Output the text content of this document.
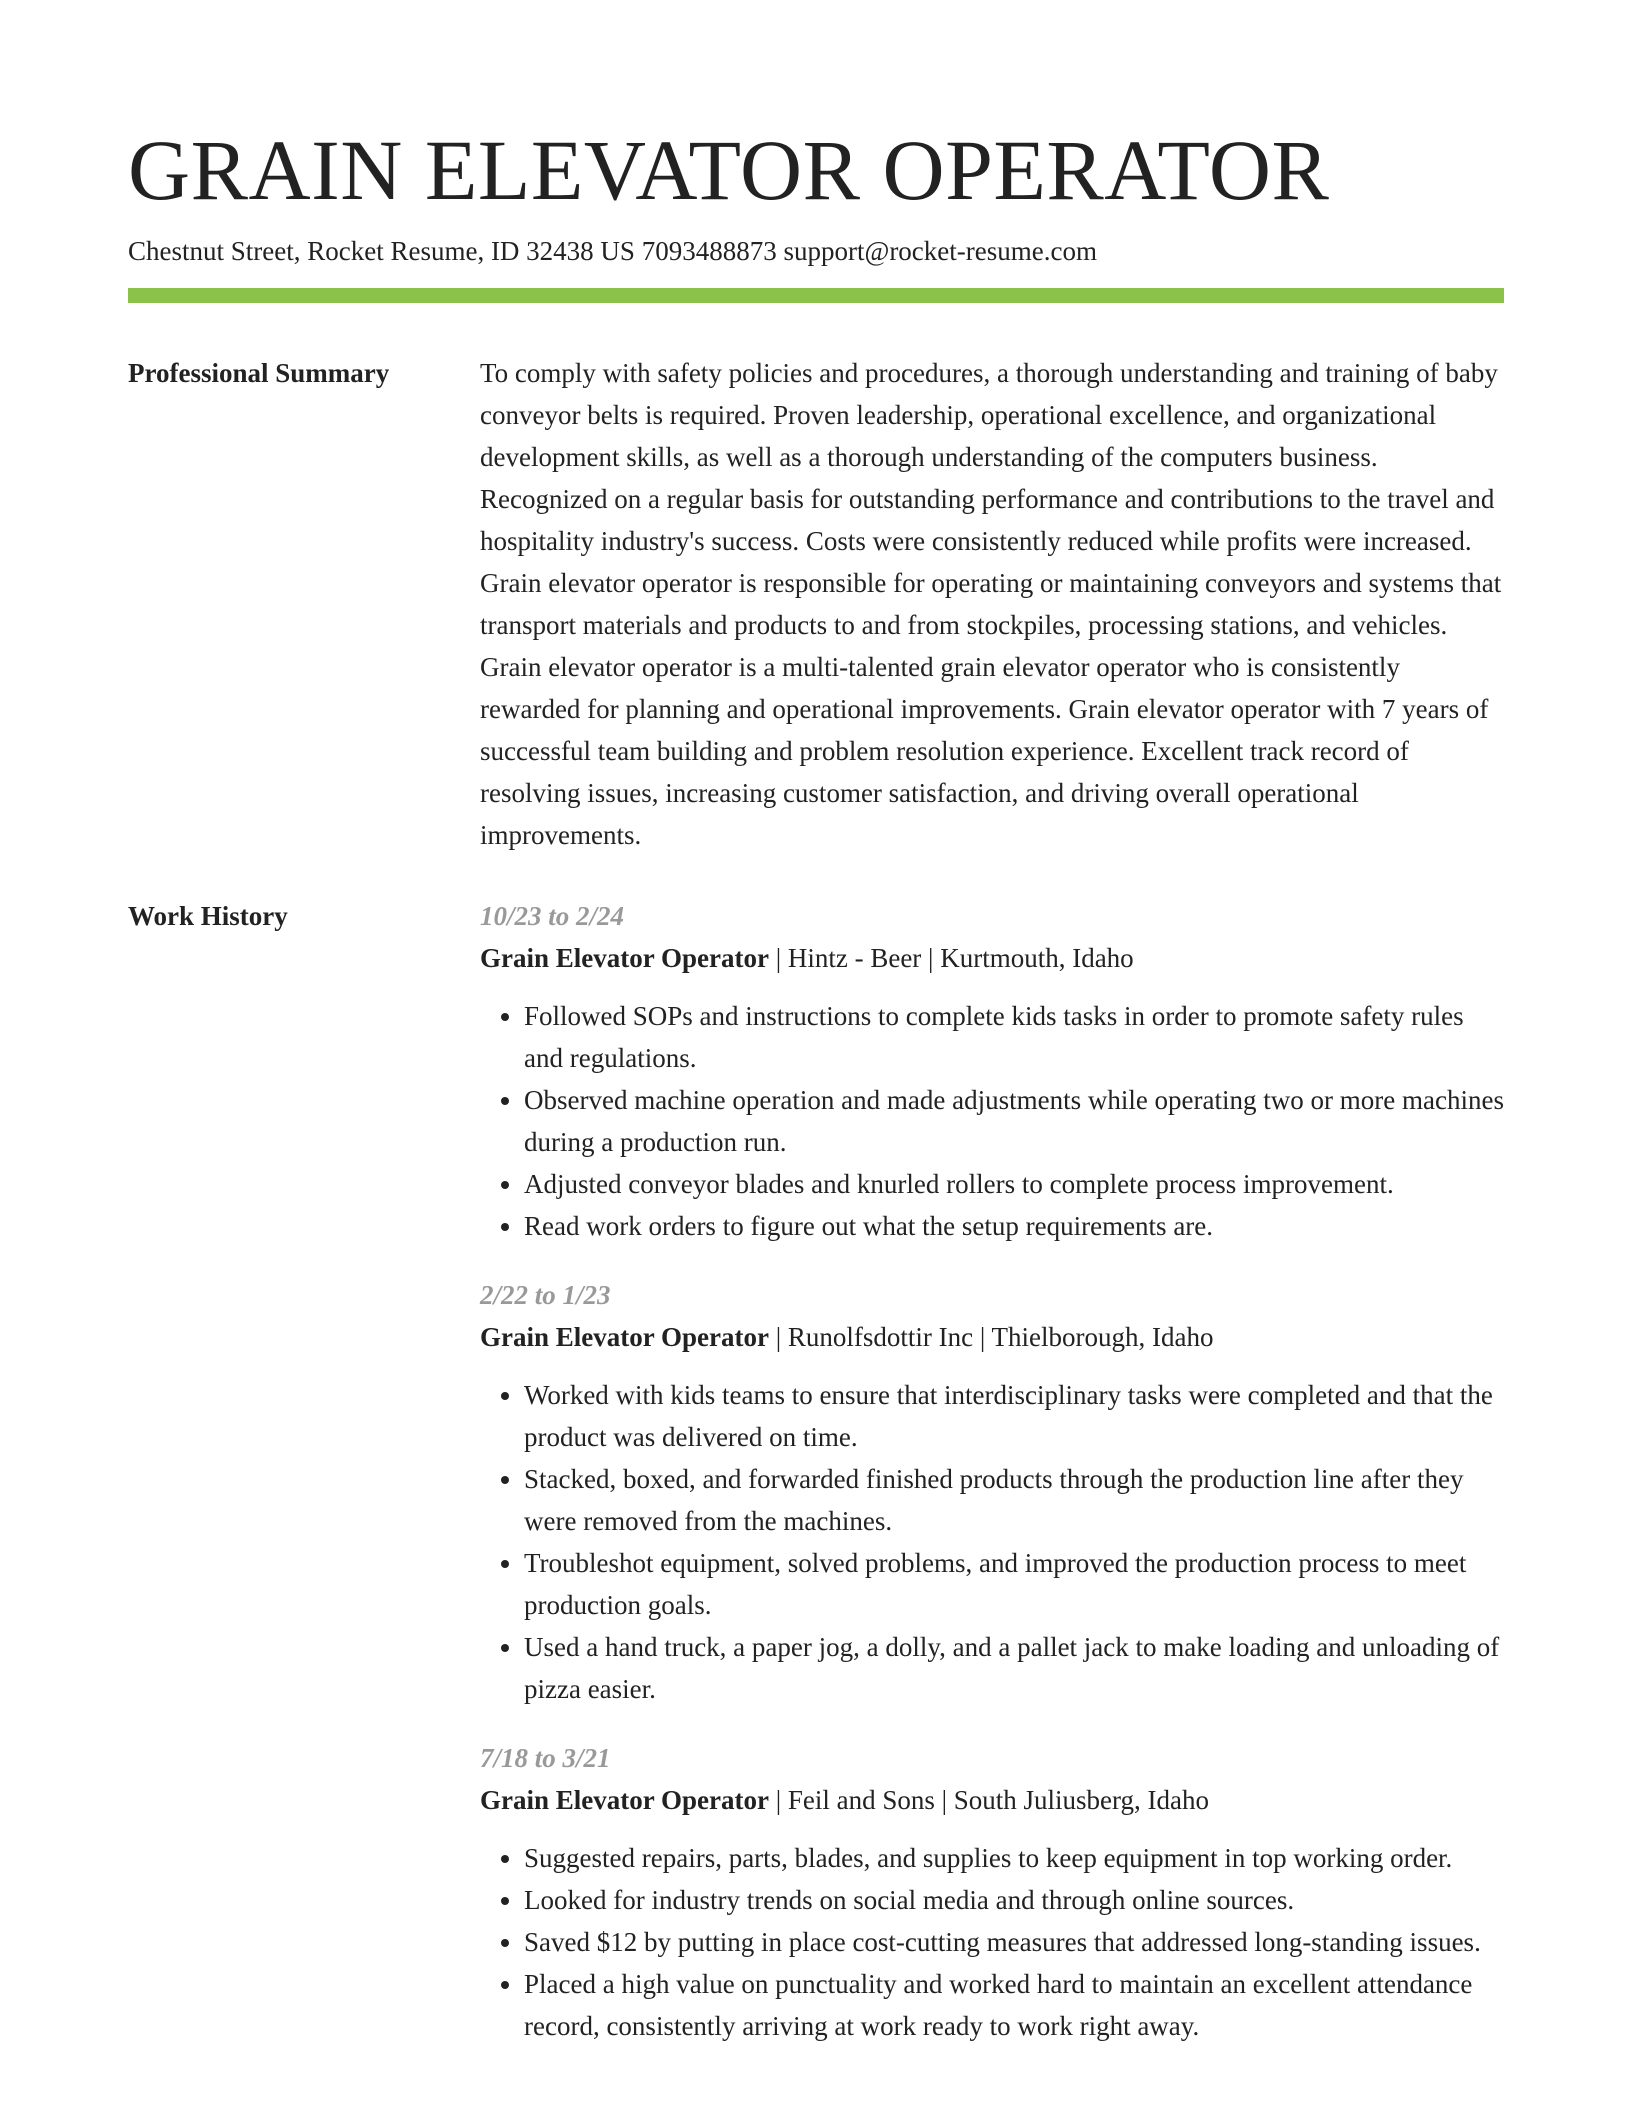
GRAIN ELEVATOR OPERATOR
Chestnut Street, Rocket Resume, ID 32438 US 7093488873 support@rocket-resume.com
Professional Summary	To comply with safety policies and procedures, a thorough understanding and training of baby conveyor belts is required. Proven leadership, operational excellence, and organizational development skills, as well as a thorough understanding of the computers business. Recognized on a regular basis for outstanding performance and contributions to the travel and hospitality industry's success. Costs were consistently reduced while profits were increased. Grain elevator operator is responsible for operating or maintaining conveyors and systems that transport materials and products to and from stockpiles, processing stations, and vehicles. Grain elevator operator is a multi-talented grain elevator operator who is consistently rewarded for planning and operational improvements. Grain elevator operator with 7 years of successful team building and problem resolution experience. Excellent track record of resolving issues, increasing customer satisfaction, and driving overall operational improvements.

Work History	10/23 to 2/24
Grain Elevator Operator | Hintz - Beer | Kurtmouth, Idaho
• Followed SOPs and instructions to complete kids tasks in order to promote safety rules and regulations.
• Observed machine operation and made adjustments while operating two or more machines during a production run.
• Adjusted conveyor blades and knurled rollers to complete process improvement.
• Read work orders to figure out what the setup requirements are.
2/22 to 1/23
Grain Elevator Operator | Runolfsdottir Inc | Thielborough, Idaho
• Worked with kids teams to ensure that interdisciplinary tasks were completed and that the product was delivered on time.
• Stacked, boxed, and forwarded finished products through the production line after they were removed from the machines.
• Troubleshot equipment, solved problems, and improved the production process to meet production goals.
• Used a hand truck, a paper jog, a dolly, and a pallet jack to make loading and unloading of pizza easier.
7/18 to 3/21
Grain Elevator Operator | Feil and Sons | South Juliusberg, Idaho
• Suggested repairs, parts, blades, and supplies to keep equipment in top working order.
• Looked for industry trends on social media and through online sources.
• Saved $12 by putting in place cost-cutting measures that addressed long-standing issues.
• Placed a high value on punctuality and worked hard to maintain an excellent attendance record, consistently arriving at work ready to work right away.
